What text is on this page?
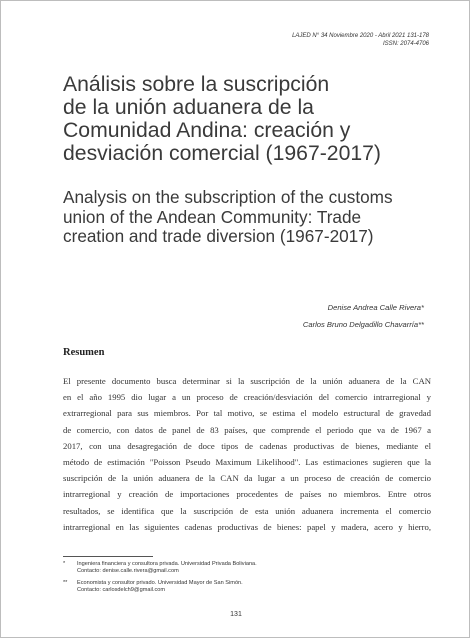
LAJED N° 34 Noviembre 2020 - Abril 2021 131-178
ISSN: 2074-4706
Análisis sobre la suscripción
de la unión aduanera de la
Comunidad Andina: creación y
desviación comercial (1967-2017)
Analysis on the subscription of the customs
union of the Andean Community: Trade
creation and trade diversion (1967-2017)
Denise Andrea Calle Rivera*
Carlos Bruno Delgadillo Chavarría**
Resumen

El presente documento busca determinar si la suscripción de la unión aduanera de la CAN
en el año 1995 dio lugar a un proceso de creación/desviación del comercio intrarregional y
extrarregional para sus miembros. Por tal motivo, se estima el modelo estructural de gravedad
de comercio, con datos de panel de 83 países, que comprende el periodo que va de 1967 a
2017, con una desagregación de doce tipos de cadenas productivas de bienes, mediante el
método de estimación "Poisson Pseudo Maximum Likelihood". Las estimaciones sugieren que la
suscripción de la unión aduanera de la CAN da lugar a un proceso de creación de comercio
intrarregional y creación de importaciones procedentes de países no miembros. Entre otros
resultados, se identifica que la suscripción de esta unión aduanera incrementa el comercio
intrarregional en las siguientes cadenas productivas de bienes: papel y madera, acero y hierro,

* Ingeniera financiera y consultora privada. Universidad Privada Boliviana.
Contacto: denise.calle.rivera@gmail.com
** Economista y consultor privado. Universidad Mayor de San Simón.
Contacto: carlosdelch9@gmail.com
131
